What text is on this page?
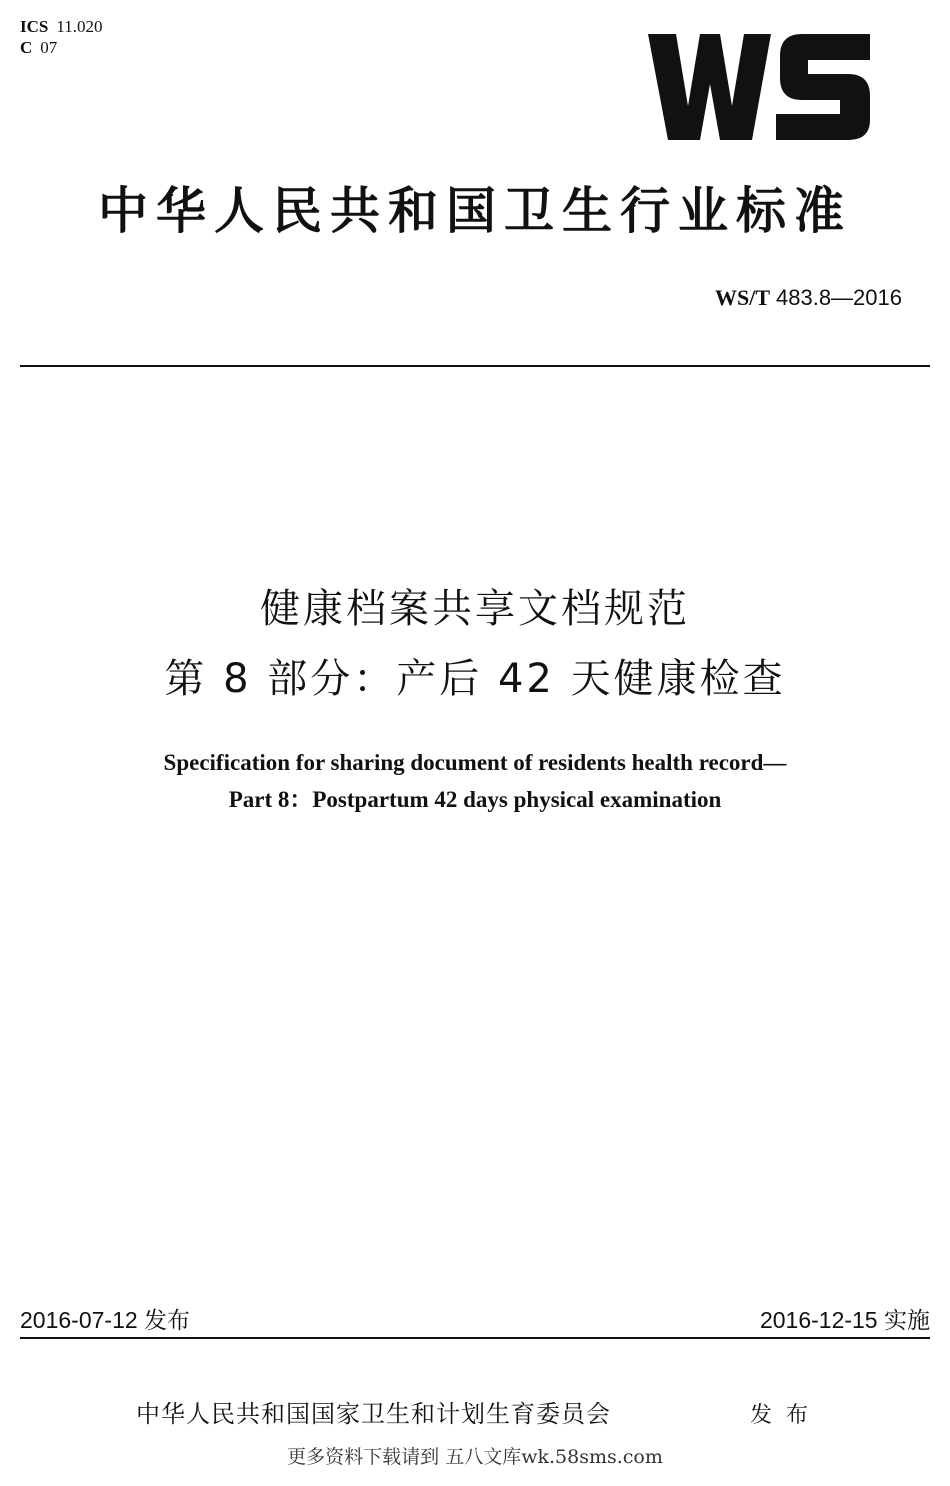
ICS 11.020
C 07
中华人民共和国卫生行业标准
WS/T 483.8—2016
健康档案共享文档规范
第 8 部分：产后 42 天健康检查
Specification for sharing document of residents health record—
Part 8：Postpartum 42 days physical examination
2016-07-12 发布	2016-12-15 实施
中华人民共和国国家卫生和计划生育委员会	发布
更多资料下载请到 五八文库wk.58sms.com
